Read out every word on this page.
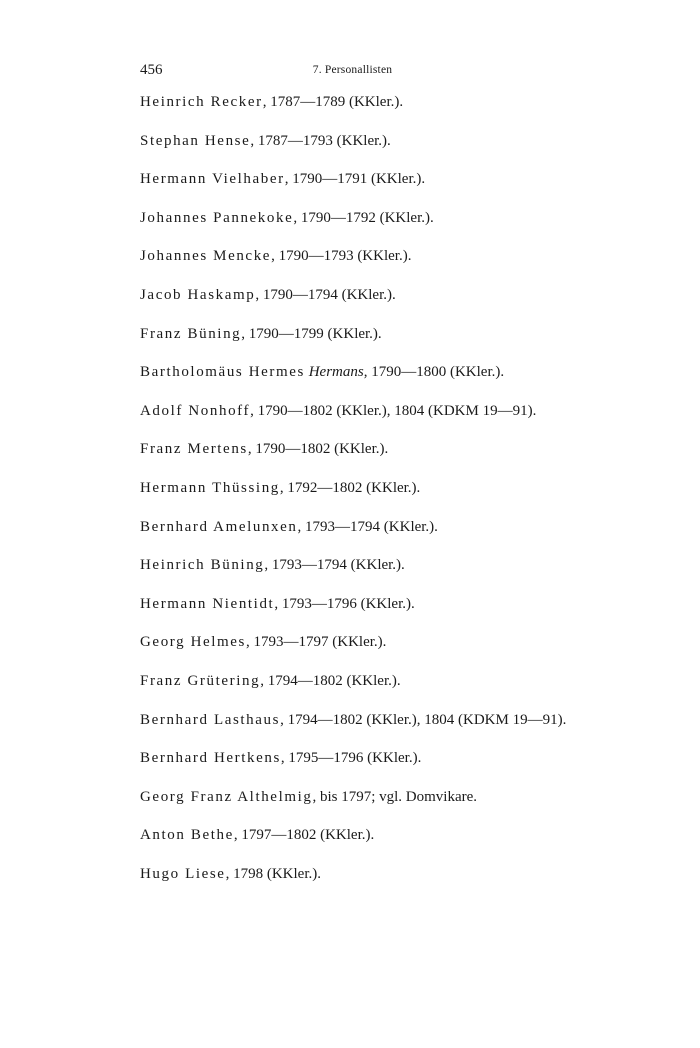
456	7. Personallisten
Heinrich Recker, 1787—1789 (KKler.).
Stephan Hense, 1787—1793 (KKler.).
Hermann Vielhaber, 1790—1791 (KKler.).
Johannes Pannekoke, 1790—1792 (KKler.).
Johannes Mencke, 1790—1793 (KKler.).
Jacob Haskamp, 1790—1794 (KKler.).
Franz Büning, 1790—1799 (KKler.).
Bartholomäus Hermes Hermans, 1790—1800 (KKler.).
Adolf Nonhoff, 1790—1802 (KKler.), 1804 (KDKM 19—91).
Franz Mertens, 1790—1802 (KKler.).
Hermann Thüssing, 1792—1802 (KKler.).
Bernhard Amelunxen, 1793—1794 (KKler.).
Heinrich Büning, 1793—1794 (KKler.).
Hermann Nientidt, 1793—1796 (KKler.).
Georg Helmes, 1793—1797 (KKler.).
Franz Grütering, 1794—1802 (KKler.).
Bernhard Lasthaus, 1794—1802 (KKler.), 1804 (KDKM 19—91).
Bernhard Hertkens, 1795—1796 (KKler.).
Georg Franz Althelmig, bis 1797; vgl. Domvikare.
Anton Bethe, 1797—1802 (KKler.).
Hugo Liese, 1798 (KKler.).
